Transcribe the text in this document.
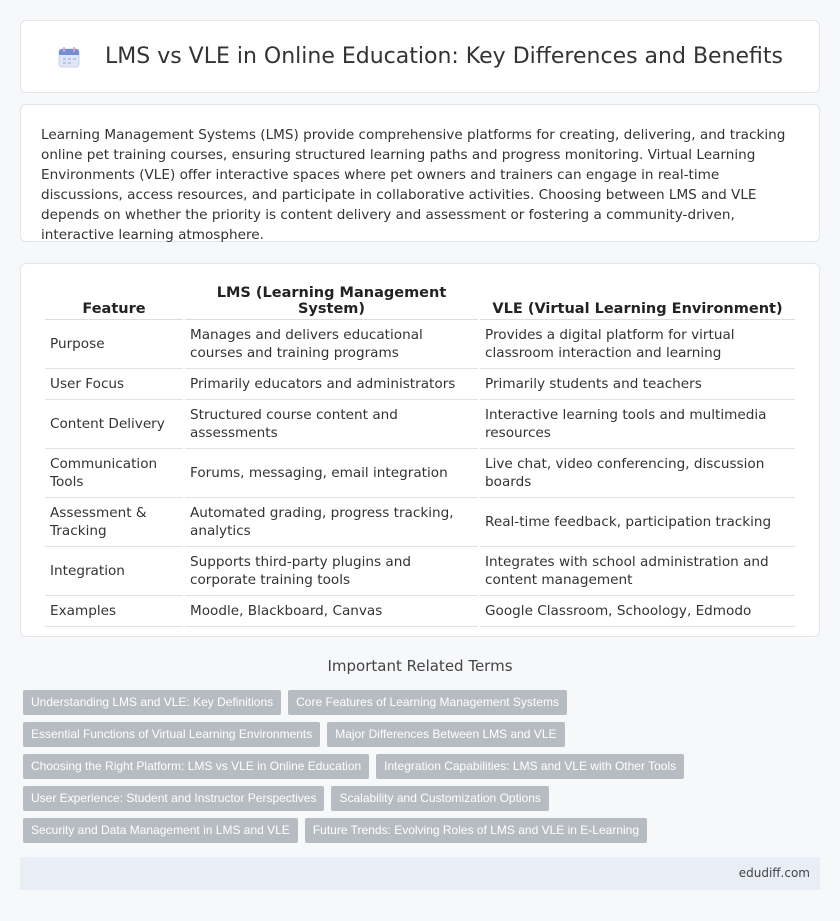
LMS vs VLE in Online Education: Key Differences and Benefits

Learning Management Systems (LMS) provide comprehensive platforms for creating, delivering, and tracking online pet training courses, ensuring structured learning paths and progress monitoring. Virtual Learning Environments (VLE) offer interactive spaces where pet owners and trainers can engage in real-time discussions, access resources, and participate in collaborative activities. Choosing between LMS and VLE depends on whether the priority is content delivery and assessment or fostering a community-driven, interactive learning atmosphere.

Feature	LMS (Learning Management System)	VLE (Virtual Learning Environment)
Purpose	Manages and delivers educational courses and training programs	Provides a digital platform for virtual classroom interaction and learning
User Focus	Primarily educators and administrators	Primarily students and teachers
Content Delivery	Structured course content and assessments	Interactive learning tools and multimedia resources
Communication Tools	Forums, messaging, email integration	Live chat, video conferencing, discussion boards
Assessment & Tracking	Automated grading, progress tracking, analytics	Real-time feedback, participation tracking
Integration	Supports third-party plugins and corporate training tools	Integrates with school administration and content management
Examples	Moodle, Blackboard, Canvas	Google Classroom, Schoology, Edmodo
Important Related Terms
Understanding LMS and VLE: Key Definitions	Core Features of Learning Management Systems
Essential Functions of Virtual Learning Environments	Major Differences Between LMS and VLE
Choosing the Right Platform: LMS vs VLE in Online Education	Integration Capabilities: LMS and VLE with Other Tools
User Experience: Student and Instructor Perspectives	Scalability and Customization Options
Security and Data Management in LMS and VLE	Future Trends: Evolving Roles of LMS and VLE in E-Learning
edudiff.com
